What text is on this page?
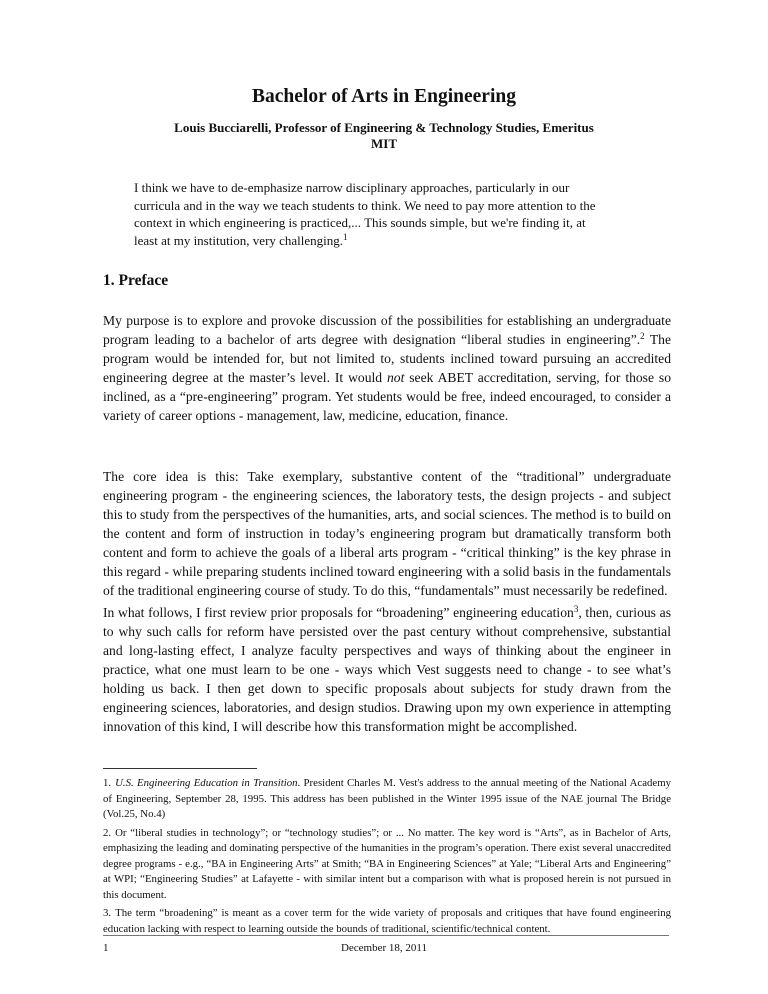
Bachelor of Arts in Engineering
Louis Bucciarelli, Professor of Engineering & Technology Studies, Emeritus
MIT
I think we have to de-emphasize narrow disciplinary approaches, particularly in our curricula and in the way we teach students to think. We need to pay more attention to the context in which engineering is practiced,... This sounds simple, but we're finding it, at least at my institution, very challenging.$^1$
1. Preface

My purpose is to explore and provoke discussion of the possibilities for establishing an undergraduate program leading to a bachelor of arts degree with designation “liberal studies in engineering”.$^2$ The program would be intended for, but not limited to, students inclined toward pursuing an accredited engineering degree at the master’s level. It would not seek ABET accreditation, serving, for those so inclined, as a “pre-engineering” program. Yet students would be free, indeed encouraged, to consider a variety of career options - management, law, medicine, education, finance.

The core idea is this: Take exemplary, substantive content of the “traditional” undergraduate engineering program - the engineering sciences, the laboratory tests, the design projects - and subject this to study from the perspectives of the humanities, arts, and social sciences. The method is to build on the content and form of instruction in today’s engineering program but dramatically transform both content and form to achieve the goals of a liberal arts program - “critical thinking” is the key phrase in this regard - while preparing students inclined toward engineering with a solid basis in the fundamentals of the traditional engineering course of study. To do this, “fundamentals” must necessarily be redefined.

In what follows, I first review prior proposals for “broadening” engineering education$^3$, then, curious as to why such calls for reform have persisted over the past century without comprehensive, substantial and long-lasting effect, I analyze faculty perspectives and ways of thinking about the engineer in practice, what one must learn to be one - ways which Vest suggests need to change - to see what’s holding us back. I then get down to specific proposals about subjects for study drawn from the engineering sciences, laboratories, and design studios. Drawing upon my own experience in attempting innovation of this kind, I will describe how this transformation might be accomplished.

1. U.S. Engineering Education in Transition. President Charles M. Vest's address to the annual meeting of the National Academy of Engineering, September 28, 1995. This address has been published in the Winter 1995 issue of the NAE journal The Bridge (Vol.25, No.4)

2. Or “liberal studies in technology”; or “technology studies”; or ... No matter. The key word is “Arts”, as in Bachelor of Arts, emphasizing the leading and dominating perspective of the humanities in the program’s operation. There exist several unaccredited degree programs - e.g., “BA in Engineering Arts” at Smith; “BA in Engineering Sciences” at Yale; “Liberal Arts and Engineering” at WPI; “Engineering Studies” at Lafayette - with similar intent but a comparison with what is proposed herein is not pursued in this document.

3. The term “broadening” is meant as a cover term for the wide variety of proposals and critiques that have found engineering education lacking with respect to learning outside the bounds of traditional, scientific/technical content.

1	December 18, 2011
